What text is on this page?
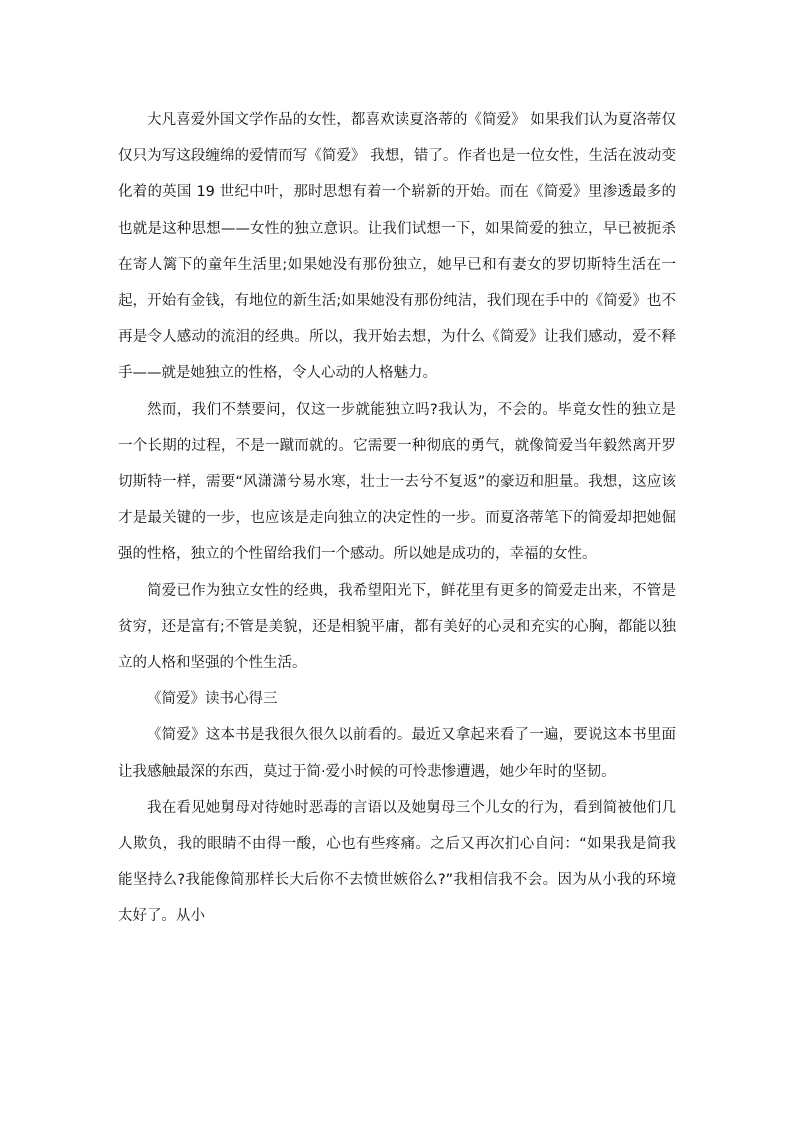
大凡喜爱外国文学作品的女性，都喜欢读夏洛蒂的《简爱》 如果我们认为夏洛蒂仅仅只为写这段缠绵的爱情而写《简爱》 我想，错了。作者也是一位女性，生活在波动变化着的英国 19 世纪中叶，那时思想有着一个崭新的开始。而在《简爱》里渗透最多的也就是这种思想——女性的独立意识。让我们试想一下，如果简爱的独立，早已被扼杀在寄人篱下的童年生活里;如果她没有那份独立，她早已和有妻女的罗切斯特生活在一起，开始有金钱，有地位的新生活;如果她没有那份纯洁，我们现在手中的《简爱》也不再是令人感动的流泪的经典。所以，我开始去想，为什么《简爱》让我们感动，爱不释手——就是她独立的性格，令人心动的人格魅力。

然而，我们不禁要问，仅这一步就能独立吗?我认为，不会的。毕竟女性的独立是一个长期的过程，不是一蹴而就的。它需要一种彻底的勇气，就像简爱当年毅然离开罗切斯特一样，需要“风潇潇兮易水寒，壮士一去兮不复返”的豪迈和胆量。我想，这应该才是最关键的一步，也应该是走向独立的决定性的一步。而夏洛蒂笔下的简爱却把她倔强的性格，独立的个性留给我们一个感动。所以她是成功的，幸福的女性。

简爱已作为独立女性的经典，我希望阳光下，鲜花里有更多的简爱走出来，不管是贫穷，还是富有;不管是美貌，还是相貌平庸，都有美好的心灵和充实的心胸，都能以独立的人格和坚强的个性生活。

《简爱》读书心得三

《简爱》这本书是我很久很久以前看的。最近又拿起来看了一遍，要说这本书里面让我感触最深的东西，莫过于简·爱小时候的可怜悲惨遭遇，她少年时的坚韧。

我在看见她舅母对待她时恶毒的言语以及她舅母三个儿女的行为，看到简被他们几人欺负，我的眼睛不由得一酸，心也有些疼痛。之后又再次扪心自问：“如果我是简我能坚持么?我能像简那样长大后你不去愤世嫉俗么?”我相信我不会。因为从小我的环境太好了。从小
